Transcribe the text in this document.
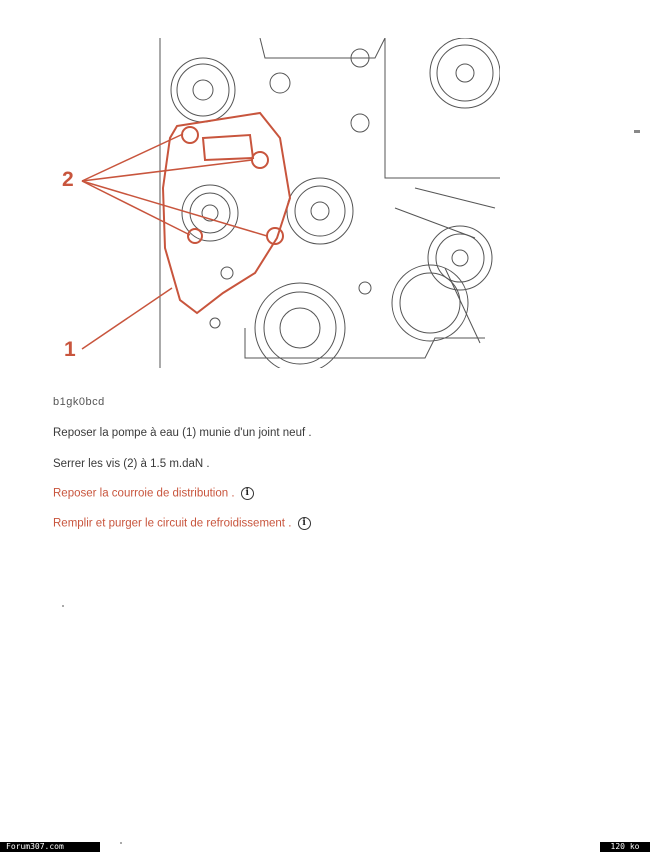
2
1
b1gk0bcd
Reposer la pompe à eau (1) munie d'un joint neuf .
Serrer les vis (2) à 1.5 m.daN .
Reposer la courroie de distribution . i
Remplir et purger le circuit de refroidissement . i
Forum307.com	120 ko
